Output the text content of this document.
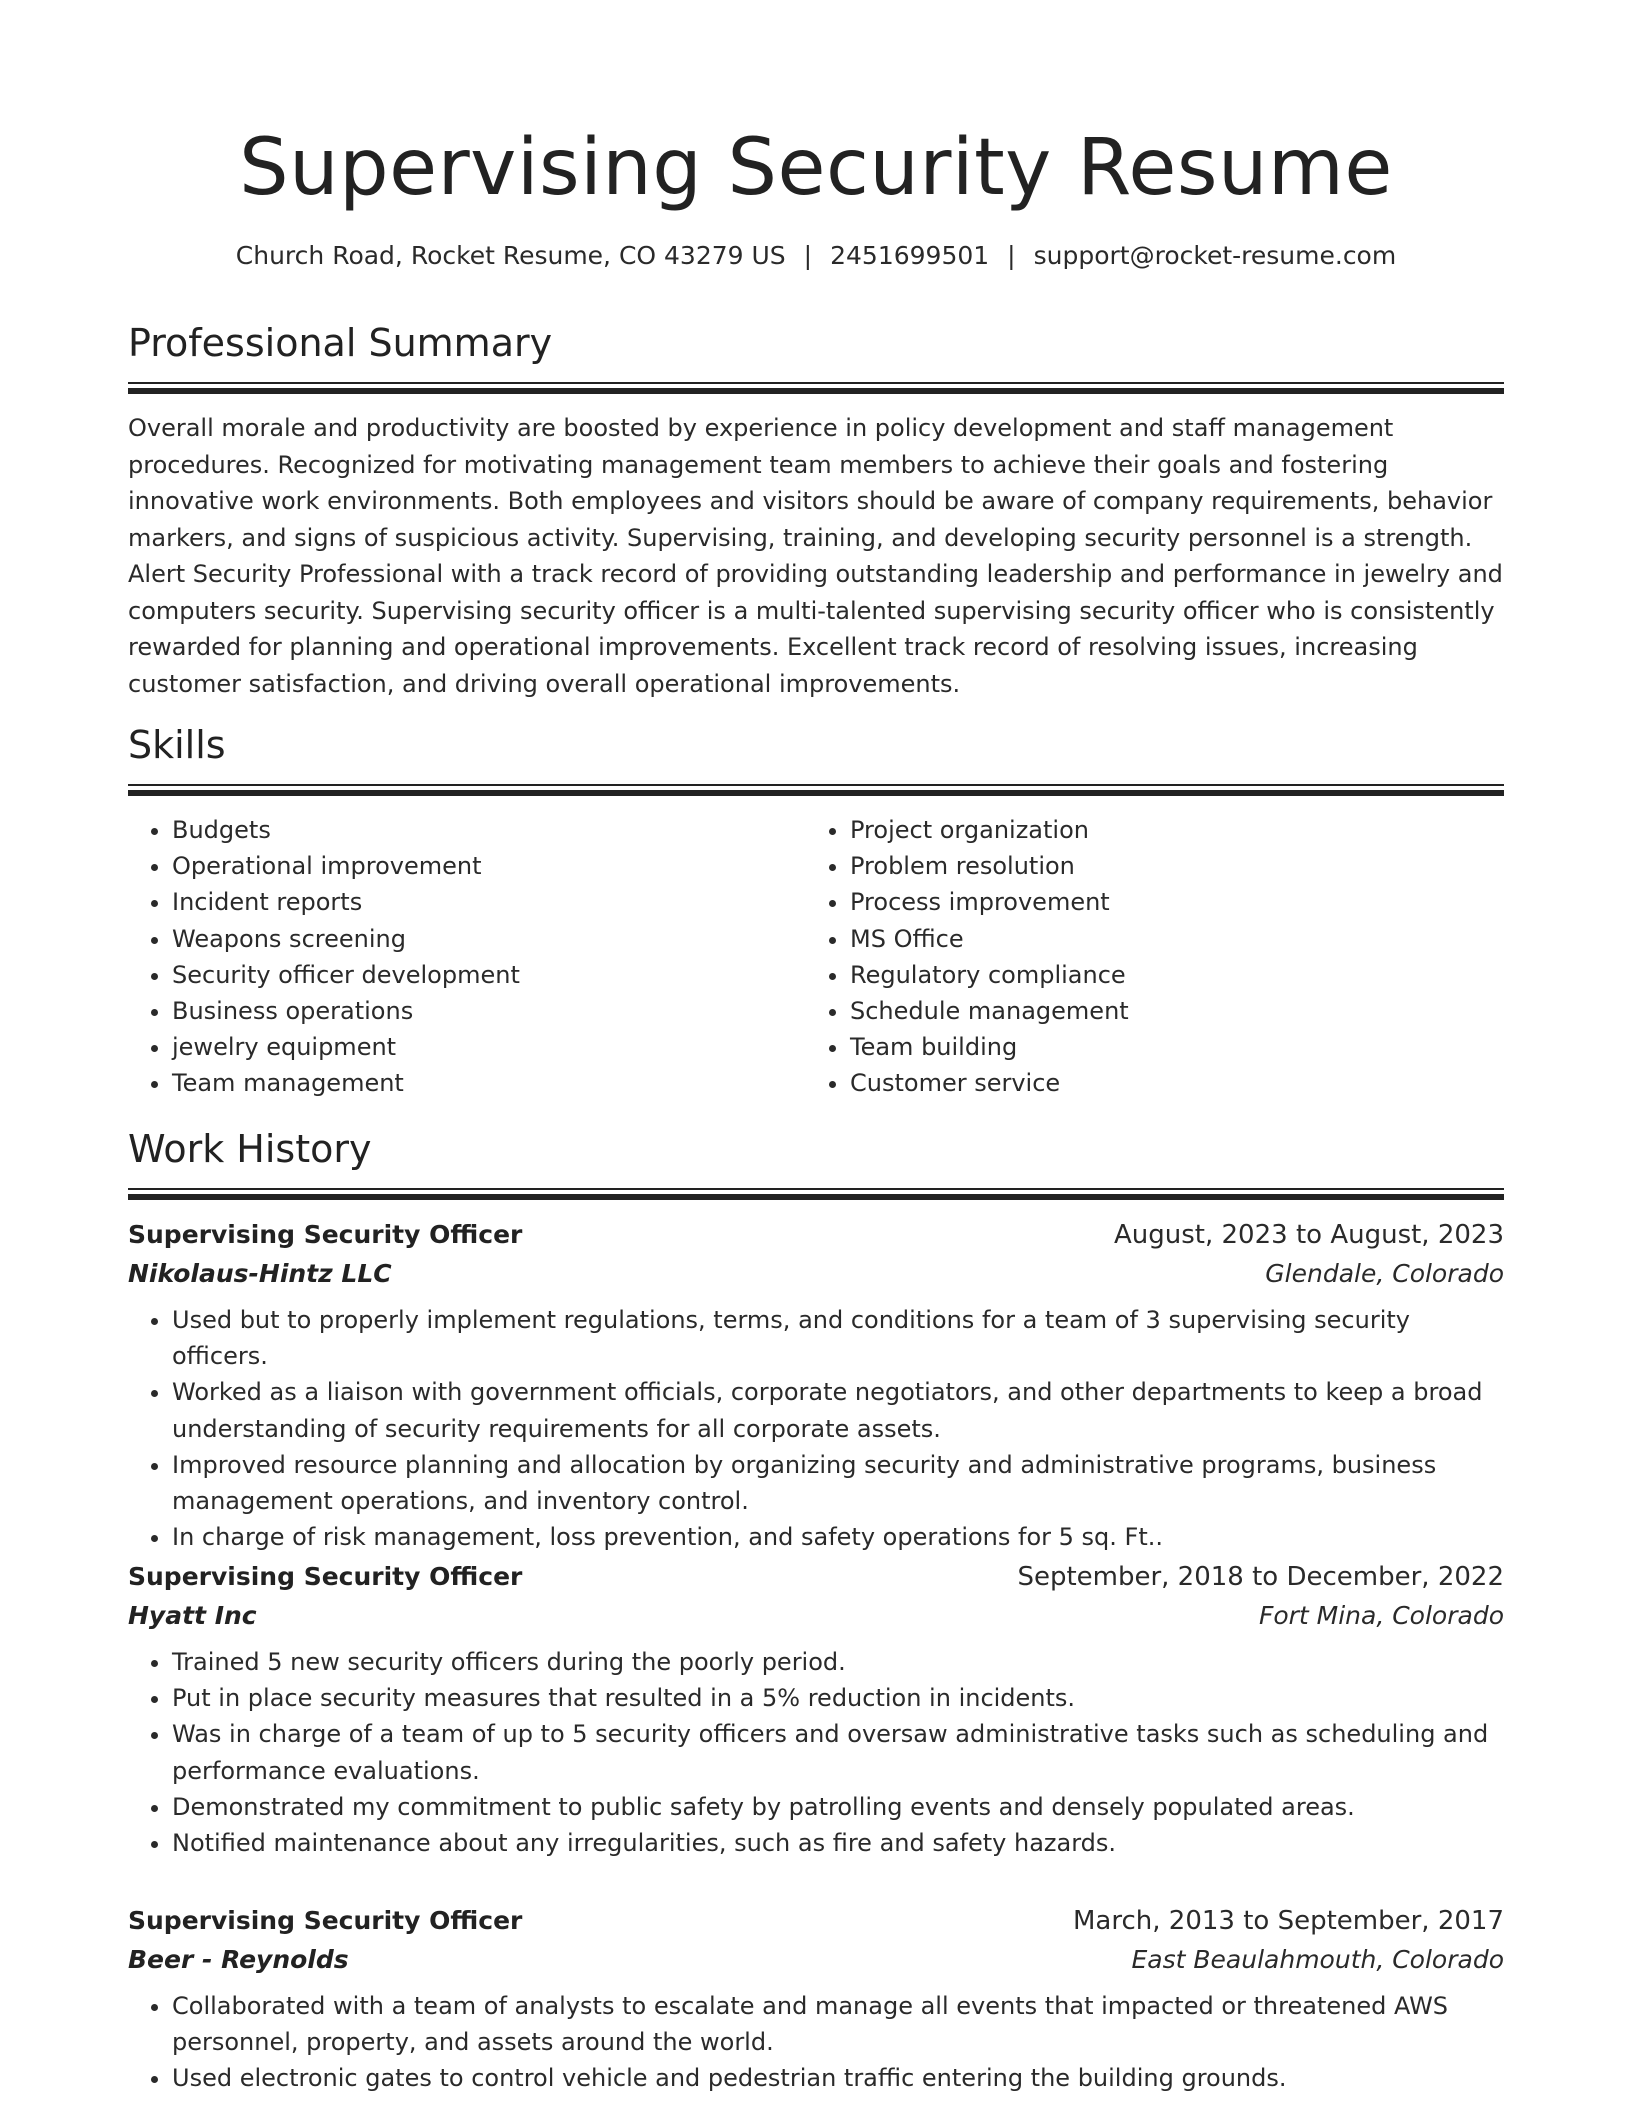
Supervising Security Resume
Church Road, Rocket Resume, CO 43279 US | 2451699501 | support@rocket-resume.com
Professional Summary

Overall morale and productivity are boosted by experience in policy development and staff management procedures. Recognized for motivating management team members to achieve their goals and fostering innovative work environments. Both employees and visitors should be aware of company requirements, behavior markers, and signs of suspicious activity. Supervising, training, and developing security personnel is a strength. Alert Security Professional with a track record of providing outstanding leadership and performance in jewelry and computers security. Supervising security officer is a multi-talented supervising security officer who is consistently rewarded for planning and operational improvements. Excellent track record of resolving issues, increasing customer satisfaction, and driving overall operational improvements.

Skills
• Budgets
• Operational improvement
• Incident reports
• Weapons screening
• Security officer development
• Business operations
• jewelry equipment
• Team management
• Project organization
• Problem resolution
• Process improvement
• MS Office
• Regulatory compliance
• Schedule management
• Team building
• Customer service
Work History
Supervising Security Officer	August, 2023 to August, 2023
Nikolaus-Hintz LLC	Glendale, Colorado
• Used but to properly implement regulations, terms, and conditions for a team of 3 supervising security officers.
• Worked as a liaison with government officials, corporate negotiators, and other departments to keep a broad understanding of security requirements for all corporate assets.
• Improved resource planning and allocation by organizing security and administrative programs, business management operations, and inventory control.
• In charge of risk management, loss prevention, and safety operations for 5 sq. Ft..
Supervising Security Officer	September, 2018 to December, 2022
Hyatt Inc	Fort Mina, Colorado
• Trained 5 new security officers during the poorly period.
• Put in place security measures that resulted in a 5% reduction in incidents.
• Was in charge of a team of up to 5 security officers and oversaw administrative tasks such as scheduling and performance evaluations.
• Demonstrated my commitment to public safety by patrolling events and densely populated areas.
• Notified maintenance about any irregularities, such as fire and safety hazards.
Supervising Security Officer	March, 2013 to September, 2017
Beer - Reynolds	East Beaulahmouth, Colorado
• Collaborated with a team of analysts to escalate and manage all events that impacted or threatened AWS personnel, property, and assets around the world.
• Used electronic gates to control vehicle and pedestrian traffic entering the building grounds.
